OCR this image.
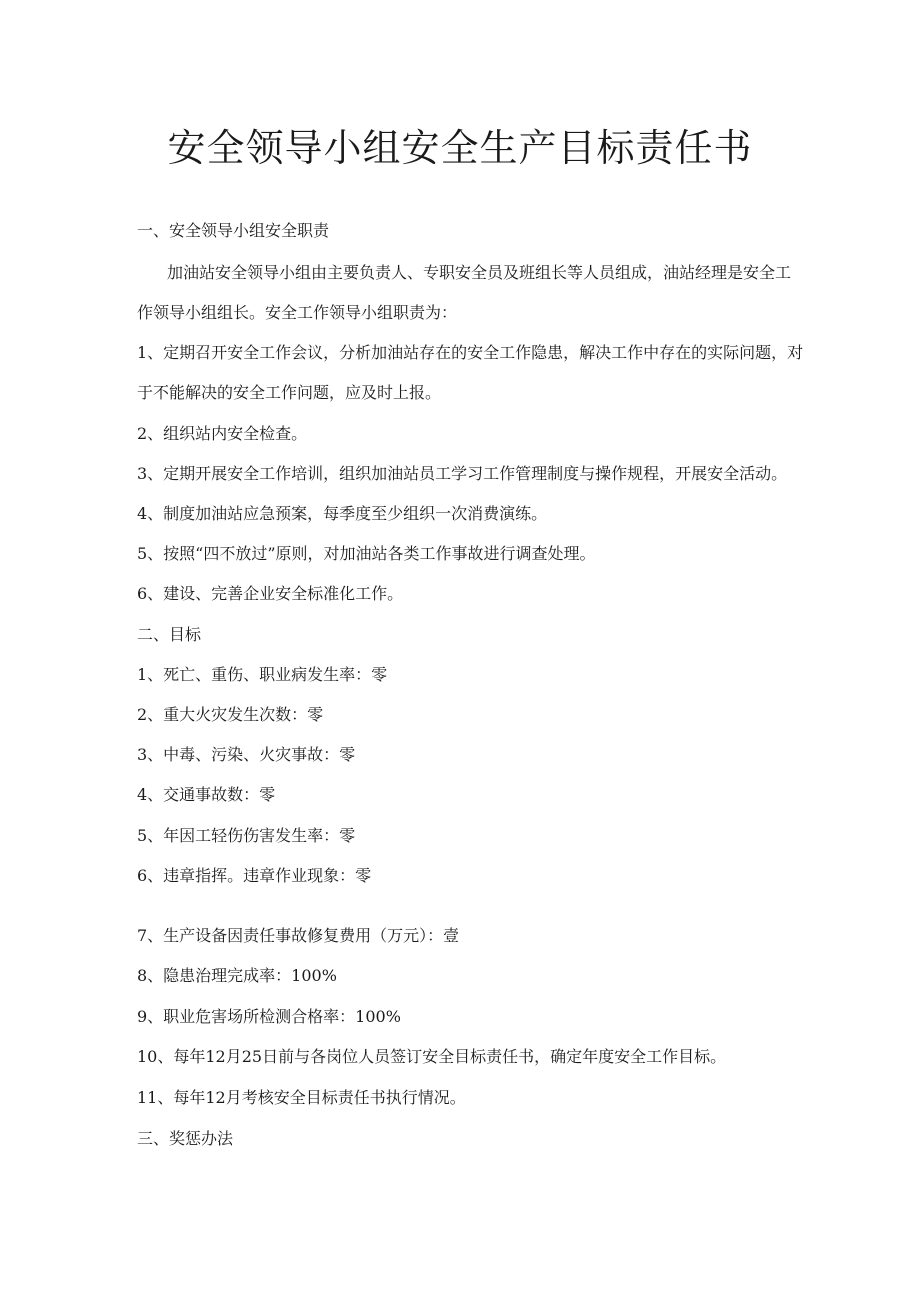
安全领导小组安全生产目标责任书

一、安全领导小组安全职责

加油站安全领导小组由主要负责人、专职安全员及班组长等人员组成，油站经理是安全工

作领导小组组长。安全工作领导小组职责为：

1、定期召开安全工作会议，分析加油站存在的安全工作隐患，解决工作中存在的实际问题，对

于不能解决的安全工作问题，应及时上报。

2、组织站内安全检查。

3、定期开展安全工作培训，组织加油站员工学习工作管理制度与操作规程，开展安全活动。

4、制度加油站应急预案，每季度至少组织一次消费演练。

5、按照“四不放过”原则，对加油站各类工作事故进行调查处理。

6、建设、完善企业安全标准化工作。

二、目标

1、死亡、重伤、职业病发生率：零

2、重大火灾发生次数：零

3、中毒、污染、火灾事故：零

4、交通事故数：零

5、年因工轻伤伤害发生率：零

6、违章指挥。违章作业现象：零

7、生产设备因责任事故修复费用（万元）：壹

8、隐患治理完成率：100%

9、职业危害场所检测合格率：100%

10、每年12月25日前与各岗位人员签订安全目标责任书，确定年度安全工作目标。

11、每年12月考核安全目标责任书执行情况。

三、奖惩办法
